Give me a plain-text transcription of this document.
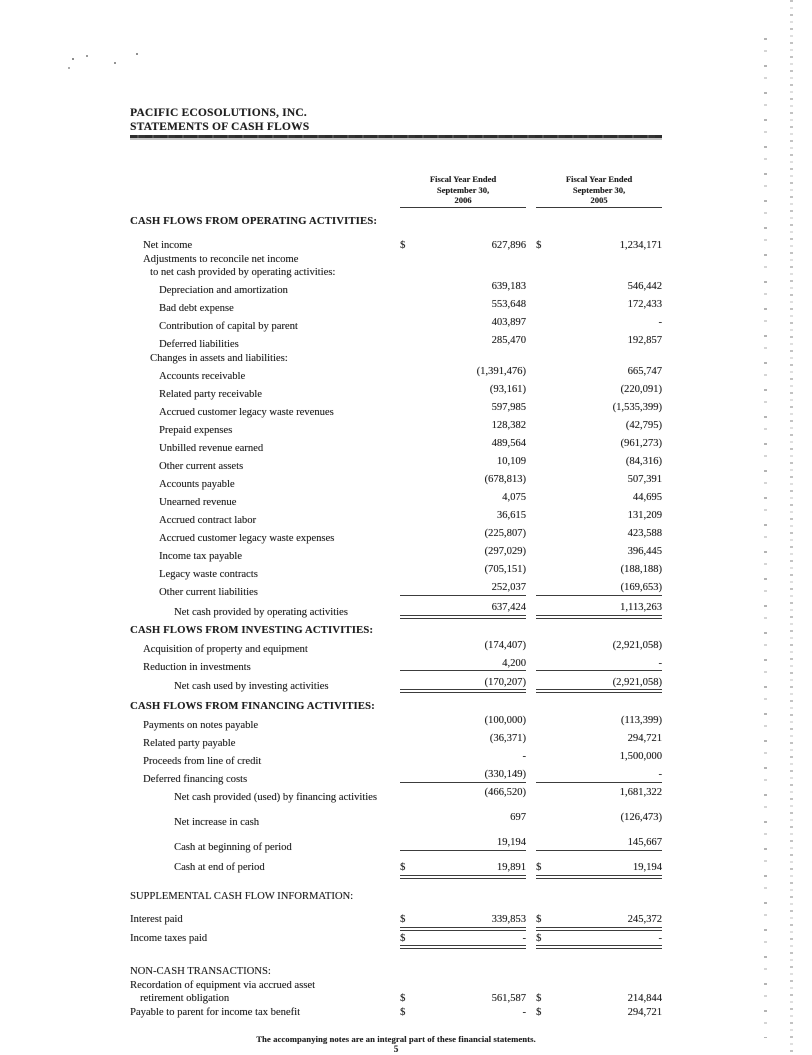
PACIFIC ECOSOLUTIONS, INC.
STATEMENTS OF CASH FLOWS
Fiscal Year Ended
September 30,
2006
Fiscal Year Ended
September 30,
2005
CASH FLOWS FROM OPERATING ACTIVITIES:
Net income	$	627,896 $	1,234,171
Adjustments to reconcile net income
to net cash provided by operating activities:
Depreciation and amortization	639,183	546,442
Bad debt expense	553,648	172,433
Contribution of capital by parent	403,897	-
Deferred liabilities	285,470	192,857
Changes in assets and liabilities:
Accounts receivable	(1,391,476)	665,747
Related party receivable	(93,161)	(220,091)
Accrued customer legacy waste revenues	597,985	(1,535,399)
Prepaid expenses	128,382	(42,795)
Unbilled revenue earned	489,564	(961,273)
Other current assets	10,109	(84,316)
Accounts payable	(678,813)	507,391
Unearned revenue	4,075	44,695
Accrued contract labor	36,615	131,209
Accrued customer legacy waste expenses	(225,807)	423,588
Income tax payable	(297,029)	396,445
Legacy waste contracts	(705,151)	(188,188)
Other current liabilities	252,037	(169,653)
Net cash provided by operating activities	637,424	1,113,263
CASH FLOWS FROM INVESTING ACTIVITIES:
Acquisition of property and equipment	(174,407)	(2,921,058)
Reduction in investments	4,200	-
Net cash used by investing activities	(170,207)	(2,921,058)
CASH FLOWS FROM FINANCING ACTIVITIES:
Payments on notes payable	(100,000)	(113,399)
Related party payable	(36,371)	294,721
Proceeds from line of credit	-	1,500,000
Deferred financing costs	(330,149)	-
Net cash provided (used) by financing activities	(466,520)	1,681,322
Net increase in cash	697	(126,473)
Cash at beginning of period	19,194	145,667
Cash at end of period	$	19,891 $	19,194
SUPPLEMENTAL CASH FLOW INFORMATION:
Interest paid	$	339,853 $	245,372
Income taxes paid	$	- $	-
NON-CASH TRANSACTIONS:
Recordation of equipment via accrued asset
retirement obligation	$	561,587 $	214,844
Payable to parent for income tax benefit	$	- $	294,721
The accompanying notes are an integral part of these financial statements.
5
